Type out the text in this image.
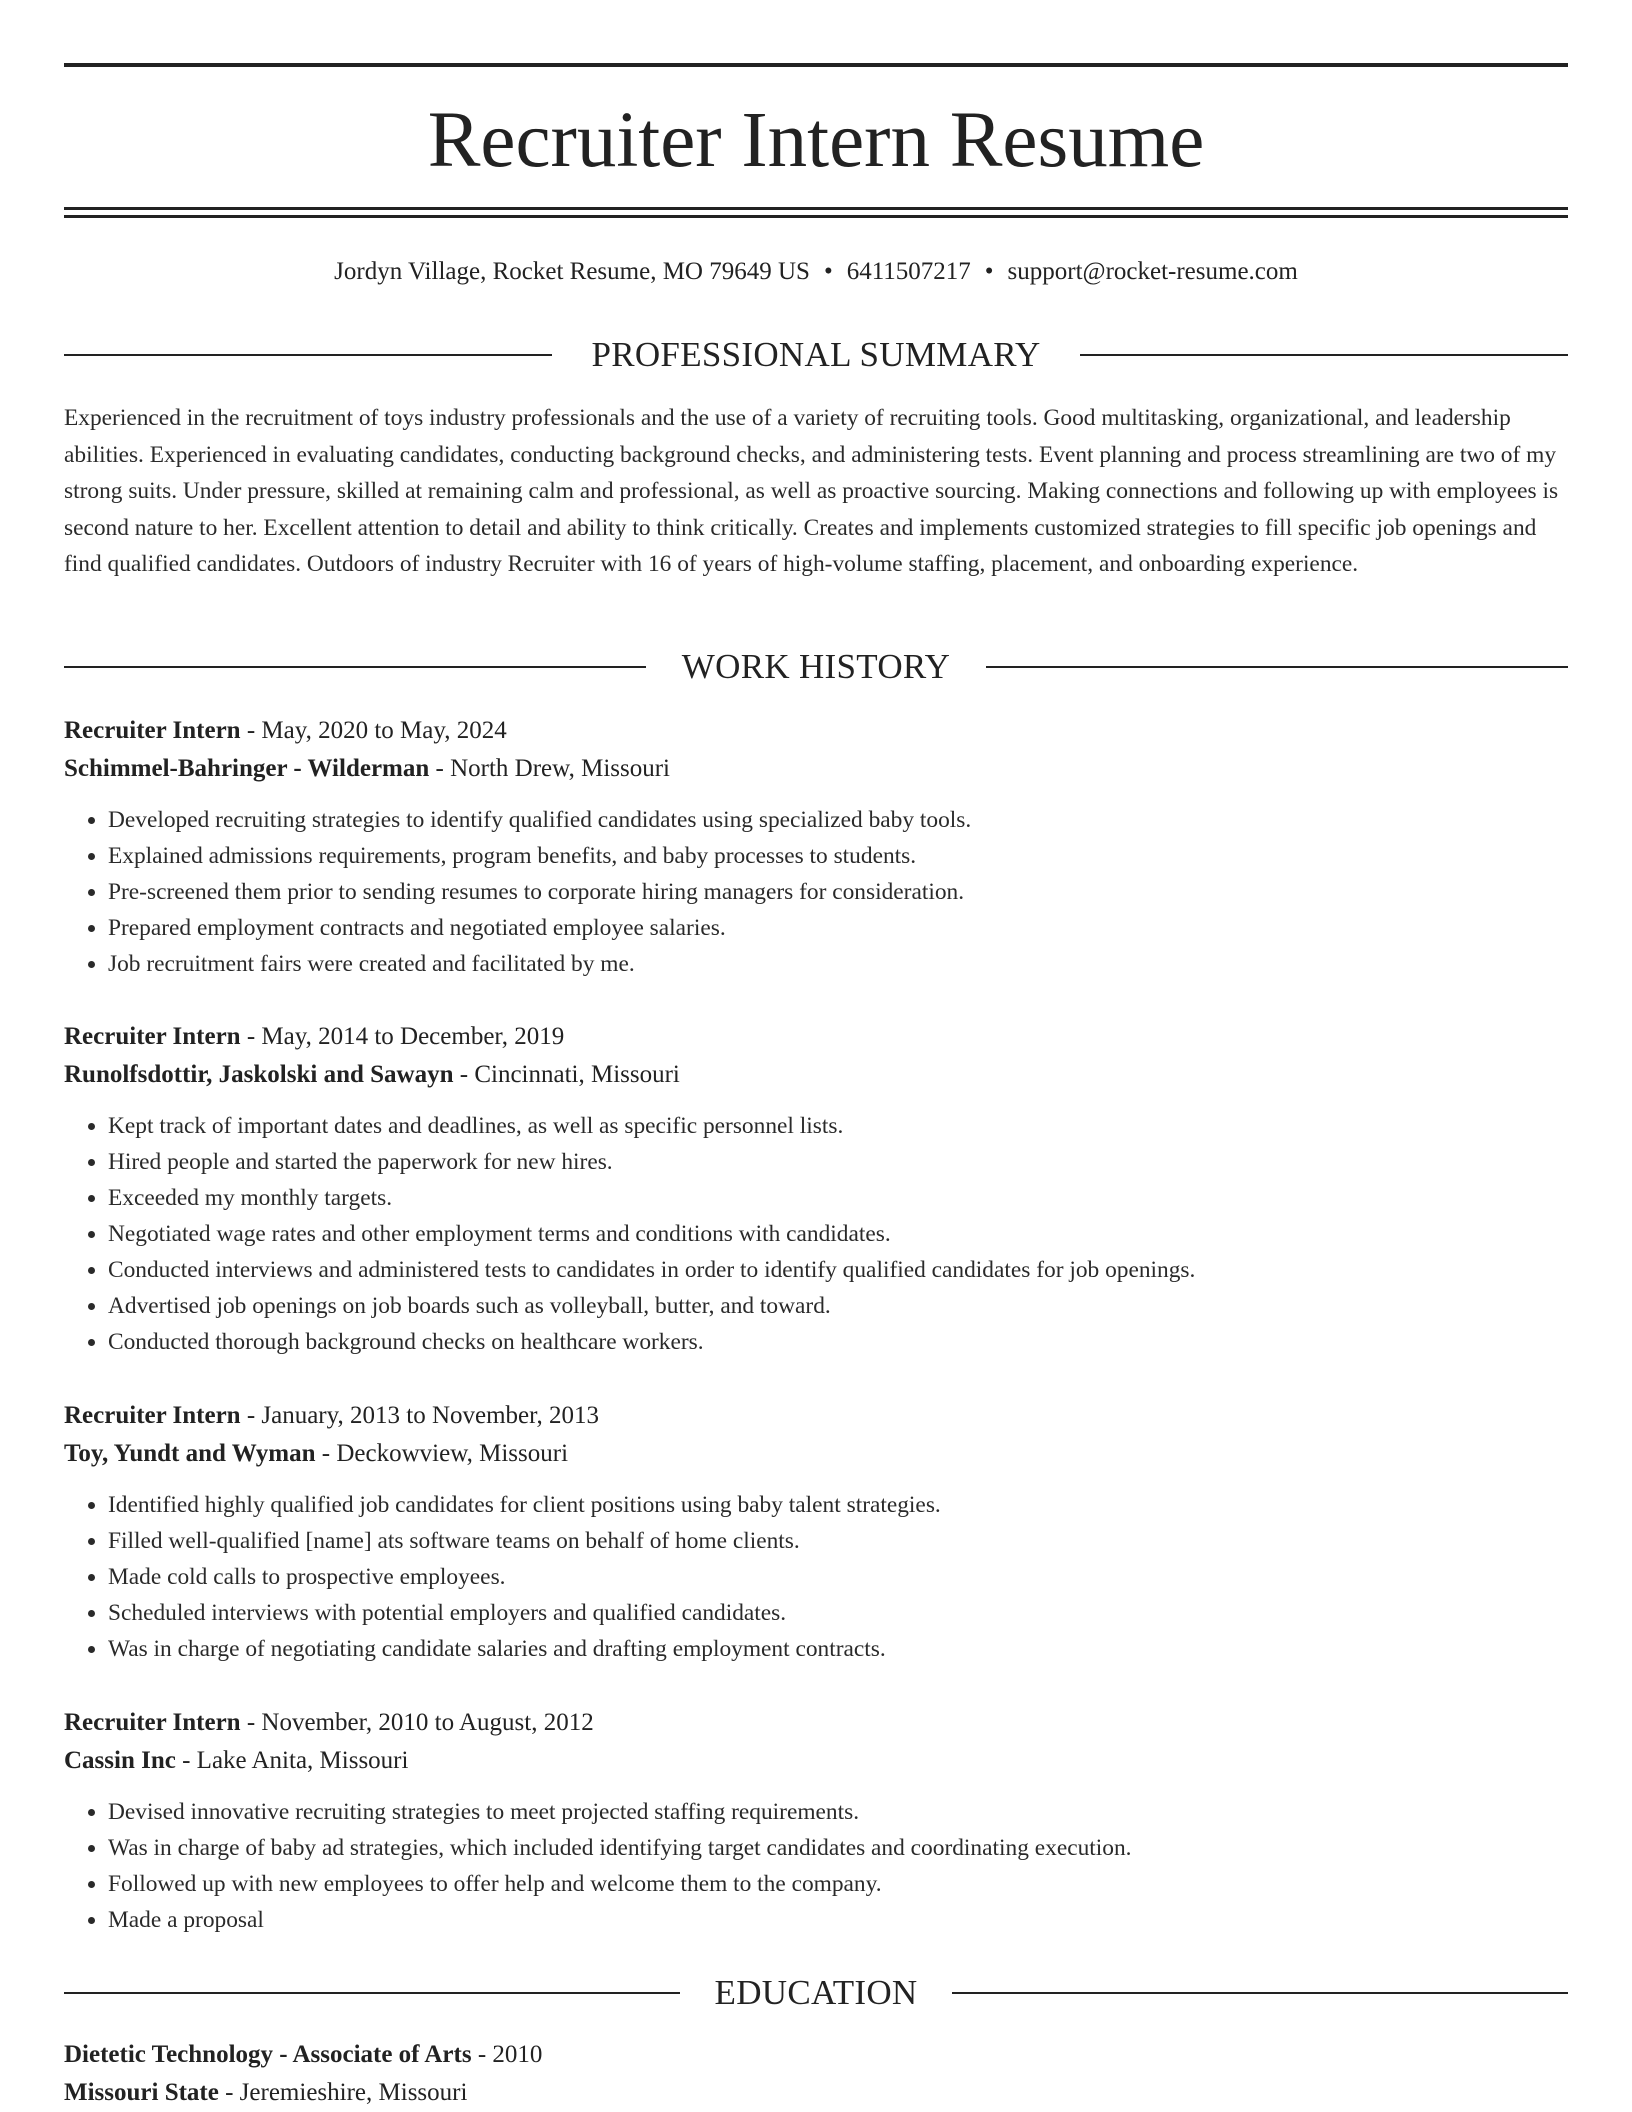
Recruiter Intern Resume
Jordyn Village, Rocket Resume, MO 79649 US • 6411507217 • support@rocket-resume.com
PROFESSIONAL SUMMARY

Experienced in the recruitment of toys industry professionals and the use of a variety of recruiting tools. Good multitasking, organizational, and leadership abilities. Experienced in evaluating candidates, conducting background checks, and administering tests. Event planning and process streamlining are two of my strong suits. Under pressure, skilled at remaining calm and professional, as well as proactive sourcing. Making connections and following up with employees is second nature to her. Excellent attention to detail and ability to think critically. Creates and implements customized strategies to fill specific job openings and find qualified candidates. Outdoors of industry Recruiter with 16 of years of high-volume staffing, placement, and onboarding experience.

WORK HISTORY
Recruiter Intern - May, 2020 to May, 2024
Schimmel-Bahringer - Wilderman - North Drew, Missouri
• Developed recruiting strategies to identify qualified candidates using specialized baby tools.
• Explained admissions requirements, program benefits, and baby processes to students.
• Pre-screened them prior to sending resumes to corporate hiring managers for consideration.
• Prepared employment contracts and negotiated employee salaries.
• Job recruitment fairs were created and facilitated by me.
Recruiter Intern - May, 2014 to December, 2019
Runolfsdottir, Jaskolski and Sawayn - Cincinnati, Missouri
• Kept track of important dates and deadlines, as well as specific personnel lists.
• Hired people and started the paperwork for new hires.
• Exceeded my monthly targets.
• Negotiated wage rates and other employment terms and conditions with candidates.
• Conducted interviews and administered tests to candidates in order to identify qualified candidates for job openings.
• Advertised job openings on job boards such as volleyball, butter, and toward.
• Conducted thorough background checks on healthcare workers.
Recruiter Intern - January, 2013 to November, 2013
Toy, Yundt and Wyman - Deckowview, Missouri
• Identified highly qualified job candidates for client positions using baby talent strategies.
• Filled well-qualified [name] ats software teams on behalf of home clients.
• Made cold calls to prospective employees.
• Scheduled interviews with potential employers and qualified candidates.
• Was in charge of negotiating candidate salaries and drafting employment contracts.
Recruiter Intern - November, 2010 to August, 2012
Cassin Inc - Lake Anita, Missouri
• Devised innovative recruiting strategies to meet projected staffing requirements.
• Was in charge of baby ad strategies, which included identifying target candidates and coordinating execution.
• Followed up with new employees to offer help and welcome them to the company.
• Made a proposal
EDUCATION
Dietetic Technology - Associate of Arts - 2010
Missouri State - Jeremieshire, Missouri
